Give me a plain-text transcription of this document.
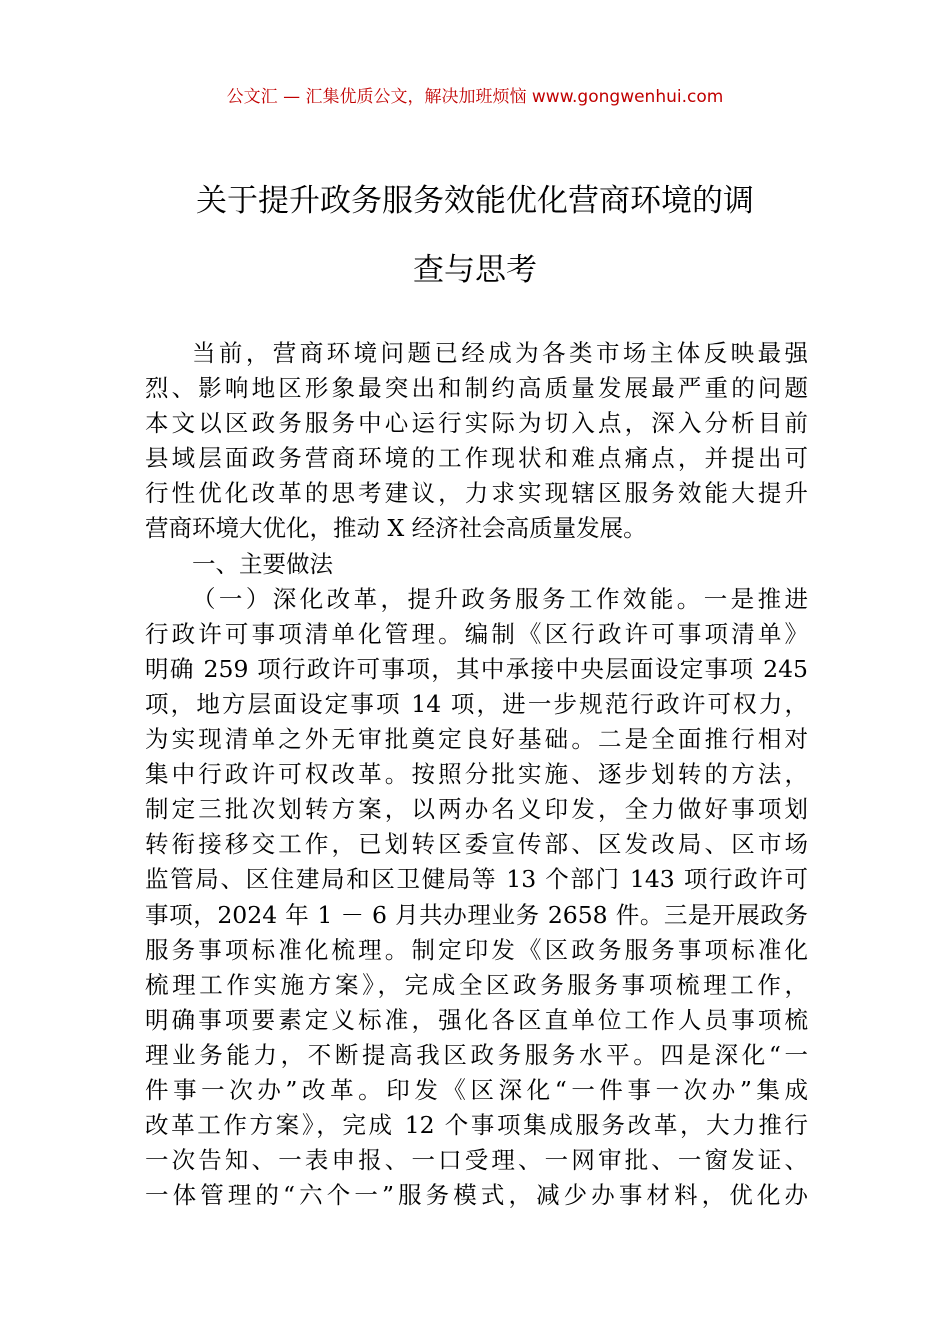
公文汇 — 汇集优质公文，解决加班烦恼 www.gongwenhui.com
关于提升政务服务效能优化营商环境的调
查与思考
当前，营商环境问题已经成为各类市场主体反映最强
烈、影响地区形象最突出和制约高质量发展最严重的问题
本文以区政务服务中心运行实际为切入点，深入分析目前
县域层面政务营商环境的工作现状和难点痛点，并提出可
行性优化改革的思考建议，力求实现辖区服务效能大提升
营商环境大优化，推动 X 经济社会高质量发展。
一、主要做法
（一）深化改革，提升政务服务工作效能。一是推进
行政许可事项清单化管理。编制《区行政许可事项清单》
明确 259 项行政许可事项，其中承接中央层面设定事项 245
项，地方层面设定事项 14 项，进一步规范行政许可权力，
为实现清单之外无审批奠定良好基础。二是全面推行相对
集中行政许可权改革。按照分批实施、逐步划转的方法，
制定三批次划转方案，以两办名义印发，全力做好事项划
转衔接移交工作，已划转区委宣传部、区发改局、区市场
监管局、区住建局和区卫健局等 13 个部门 143 项行政许可
事项，2024 年 1 － 6 月共办理业务 2658 件。三是开展政务
服务事项标准化梳理。制定印发《区政务服务事项标准化
梳理工作实施方案》，完成全区政务服务事项梳理工作，
明确事项要素定义标准，强化各区直单位工作人员事项梳
理业务能力，不断提高我区政务服务水平。四是深化“一
件事一次办”改革。印发《区深化“一件事一次办”集成
改革工作方案》，完成 12 个事项集成服务改革，大力推行
一次告知、一表申报、一口受理、一网审批、一窗发证、
一体管理的“六个一”服务模式，减少办事材料，优化办
